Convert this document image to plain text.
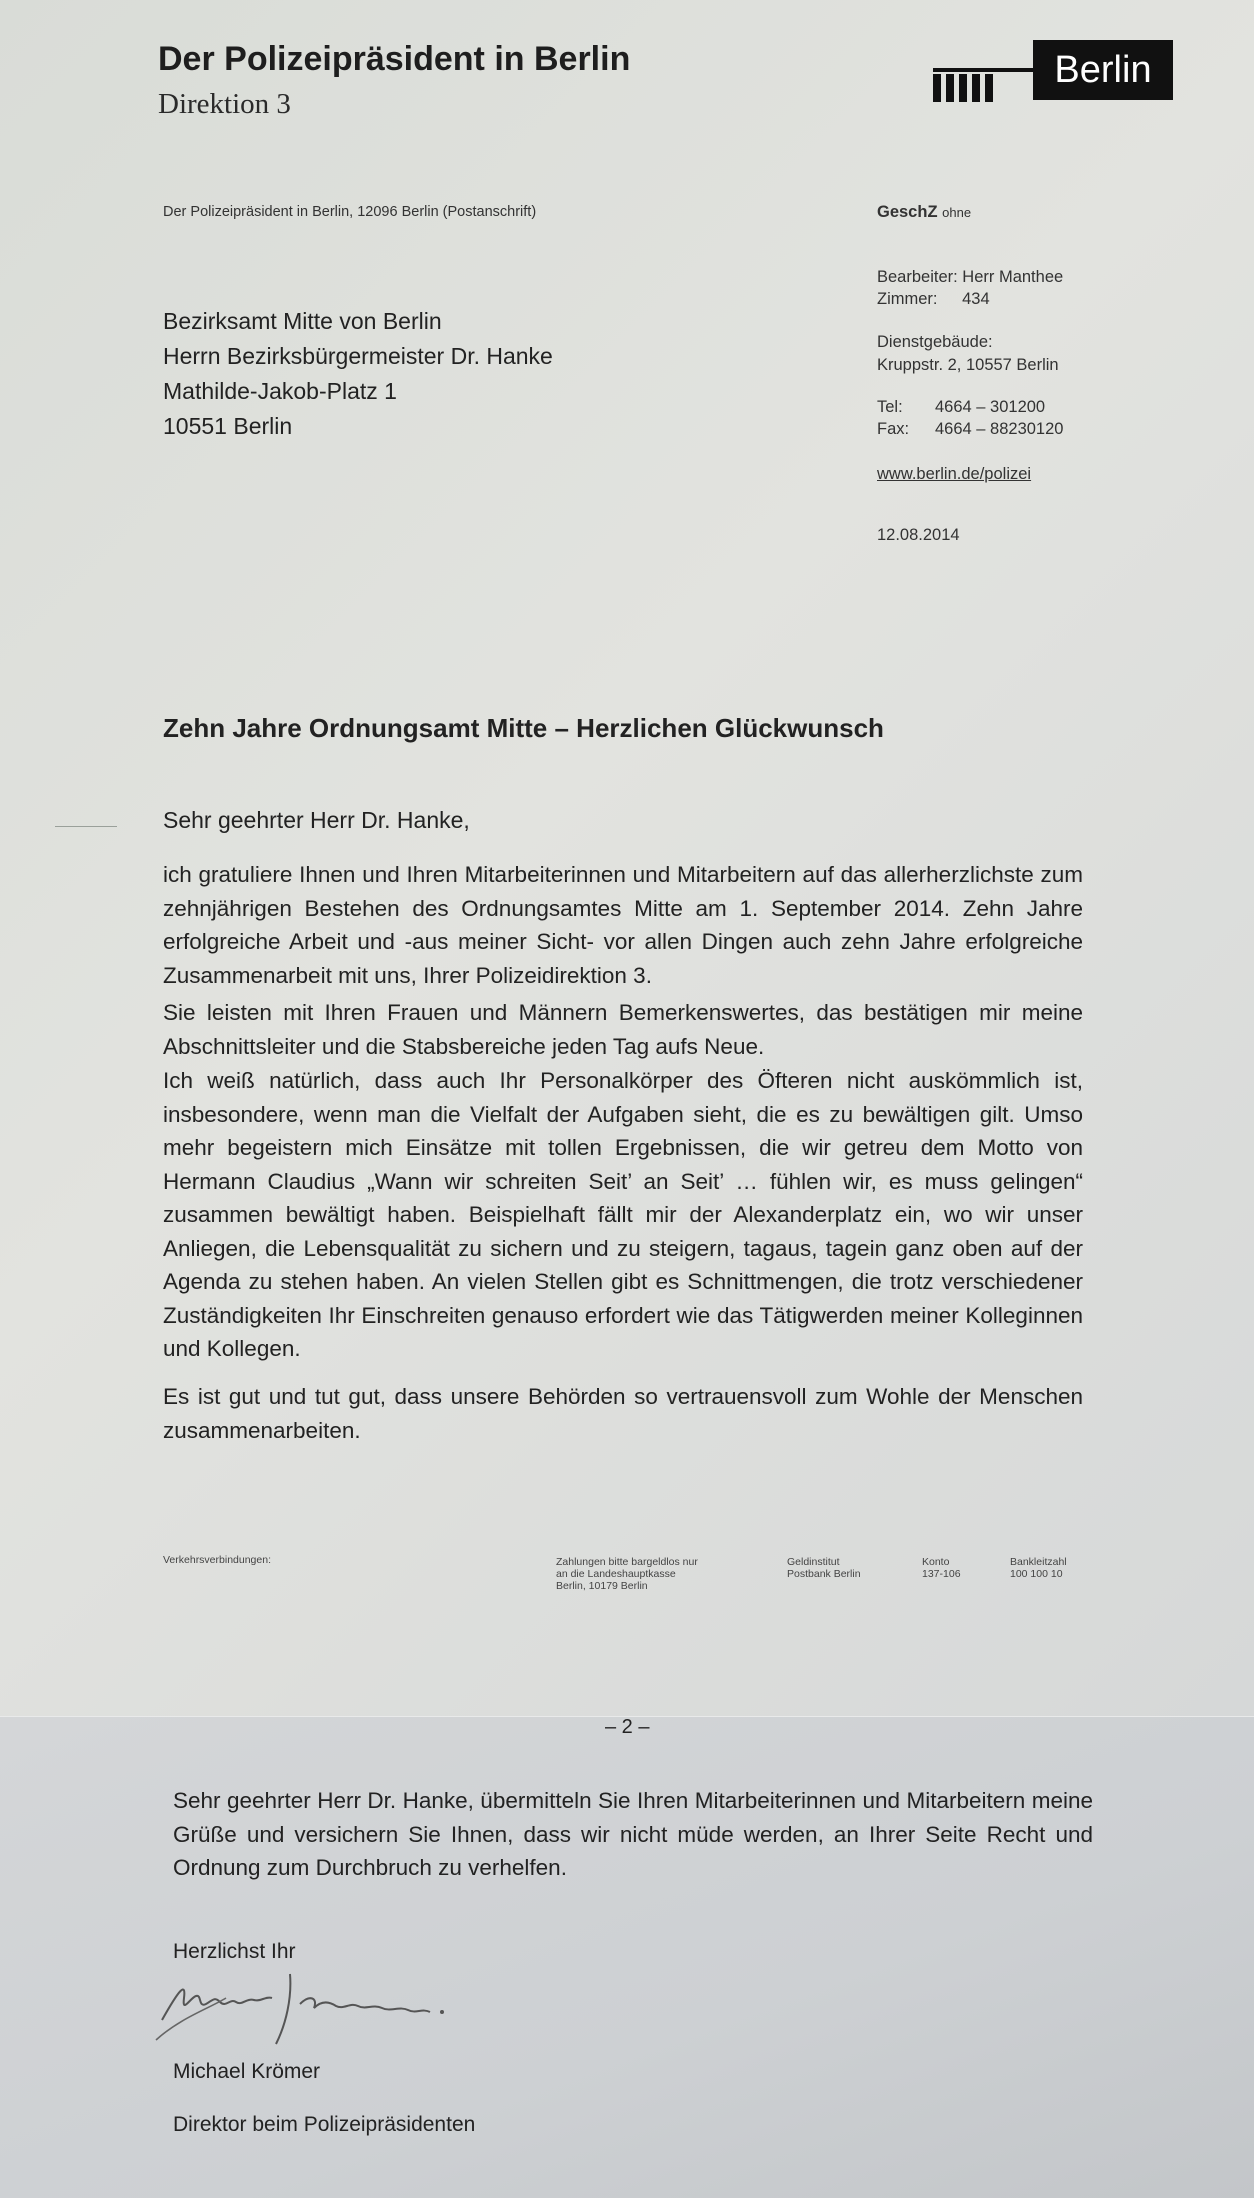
Der Polizeipräsident in Berlin
Direktion 3
Berlin
Der Polizeipräsident in Berlin, 12096 Berlin (Postanschrift)
Bezirksamt Mitte von Berlin
Herrn Bezirksbürgermeister Dr. Hanke
Mathilde-Jakob-Platz 1
10551 Berlin
GeschZ ohne
Bearbeiter: Herr Manthee
Zimmer: 434
Dienstgebäude:
Kruppstr. 2, 10557 Berlin
Tel: 4664 – 301200
Fax: 4664 – 88230120
www.berlin.de/polizei
12.08.2014
Zehn Jahre Ordnungsamt Mitte – Herzlichen Glückwunsch
Sehr geehrter Herr Dr. Hanke,
ich gratuliere Ihnen und Ihren Mitarbeiterinnen und Mitarbeitern auf das allerherzlichste zum zehnjährigen Bestehen des Ordnungsamtes Mitte am 1. September 2014. Zehn Jahre erfolgreiche Arbeit und -aus meiner Sicht- vor allen Dingen auch zehn Jahre erfolgreiche Zusammenarbeit mit uns, Ihrer Polizeidirektion 3.
Sie leisten mit Ihren Frauen und Männern Bemerkenswertes, das bestätigen mir meine Abschnittsleiter und die Stabsbereiche jeden Tag aufs Neue.
Ich weiß natürlich, dass auch Ihr Personalkörper des Öfteren nicht auskömmlich ist, insbesondere, wenn man die Vielfalt der Aufgaben sieht, die es zu bewältigen gilt. Umso mehr begeistern mich Einsätze mit tollen Ergebnissen, die wir getreu dem Motto von Hermann Claudius „Wann wir schreiten Seit’ an Seit’ … fühlen wir, es muss gelingen“ zusammen bewältigt haben. Beispielhaft fällt mir der Alexanderplatz ein, wo wir unser Anliegen, die Lebensqualität zu sichern und zu steigern, tagaus, tagein ganz oben auf der Agenda zu stehen haben. An vielen Stellen gibt es Schnittmengen, die trotz verschiedener Zuständigkeiten Ihr Einschreiten genauso erfordert wie das Tätigwerden meiner Kolleginnen und Kollegen.
Es ist gut und tut gut, dass unsere Behörden so vertrauensvoll zum Wohle der Menschen zusammenarbeiten.
Verkehrsverbindungen:	Zahlungen bitte bargeldlos nur
an die Landeshauptkasse
Berlin, 10179 Berlin
Geldinstitut
Postbank Berlin
Konto
137-106
Bankleitzahl
100 100 10
– 2 –
Sehr geehrter Herr Dr. Hanke, übermitteln Sie Ihren Mitarbeiterinnen und Mitarbeitern meine Grüße und versichern Sie Ihnen, dass wir nicht müde werden, an Ihrer Seite Recht und Ordnung zum Durchbruch zu verhelfen.
Herzlichst Ihr
Michael Krömer
Direktor beim Polizeipräsidenten
